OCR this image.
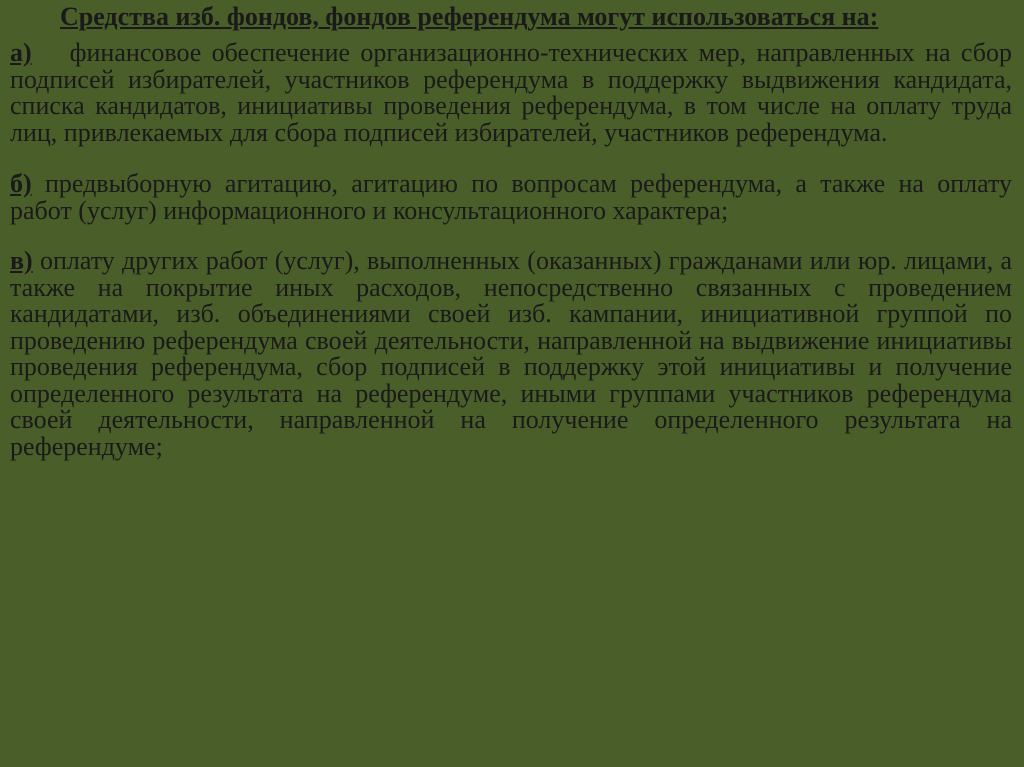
Средства изб. фондов, фондов референдума могут использоваться на:

а) финансовое обеспечение организационно-технических мер, направленных на сбор подписей избирателей, участников референдума в поддержку выдвижения кандидата, списка кандидатов, инициативы проведения референдума, в том числе на оплату труда лиц, привлекаемых для сбора подписей избирателей, участников референдума.

б) предвыборную агитацию, агитацию по вопросам референдума, а также на оплату работ (услуг) информационного и консультационного характера;

в) оплату других работ (услуг), выполненных (оказанных) гражданами или юр. лицами, а также на покрытие иных расходов, непосредственно связанных с проведением кандидатами, изб. объединениями своей изб. кампании, инициативной группой по проведению референдума своей деятельности, направленной на выдвижение инициативы проведения референдума, сбор подписей в поддержку этой инициативы и получение определенного результата на референдуме, иными группами участников референдума своей деятельности, направленной на получение определенного результата на референдуме;
